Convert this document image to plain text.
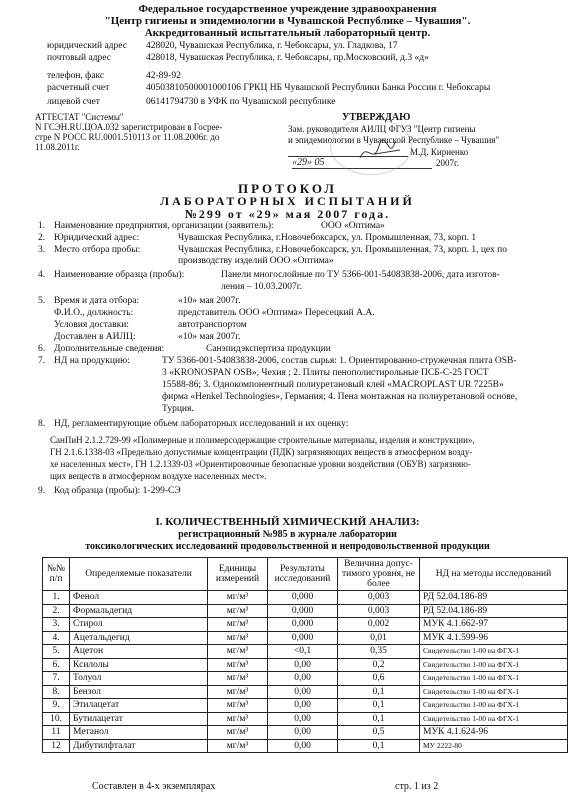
Федеральное государственное учреждение здравоохранения
"Центр гигиены и эпидемиологии в Чувашской Республике – Чувашия".
Аккредитованный испытательный лабораторный центр.
юридический адрес 428020, Чувашская Республика, г. Чебоксары, ул. Гладкова, 17
почтовый адрес	428018, Чувашская Республика, г. Чебоксары, пр.Московский, д.3 «д»
телефон, факс	42-89-92
расчетный счет	40503810500001000106 ГРКЦ НБ Чувашской Республики Банка России г. Чебоксары
лицевой счет	06141794730 в УФК по Чувашской республике
АТТЕСТАТ "Системы"
N ГСЭН.RU.ЦОА.032 зарегистрирован в Госрее-
стре N РОСС RU.0001.510113 от 11.08.2006г. до
11.08.2011г.
УТВЕРЖДАЮ
Зам. руководителя АИЛЦ ФГУЗ "Центр гигиены
и эпидемиологии в Чувашской Республике – Чувашия"
М.Д. Кириенко
«29» 05	2007г.
ПРОТОКОЛ
ЛАБОРАТОРНЫХ ИСПЫТАНИЙ
№299 от «29» мая 2007 года.
1. Наименование предприятия, организации (заявитель):	ООО «Оптима»
2. Юридический адрес:	Чувашская Республика, г.Новочебоксарск, ул. Промышленная, 73, корп. 1
3. Место отбора пробы:	Чувашская Республика, г.Новочебоксарск, ул. Промышленная, 73, корп. 1, цех по
производству изделий ООО «Оптима»
4. Наименование образца (пробы):	Панели многослойные по ТУ 5366-001-54083838-2006, дата изготов-
ления – 10.03.2007г.
5. Время и дата отбора:	«10» мая 2007г.
Ф.И.О., должность:	представитель ООО «Оптима» Пересецкий А.А.
Условия доставки:	автотранспортом
Доставлен в АИЛЦ:	«10» мая 2007г.
6. Дополнительные сведения:	Санэпидэкспертиза продукции
7. НД на продукцию:	ТУ 5366-001-54083838-2006, состав сырья: 1. Ориентированно-стружечная плита OSB-
3 «KRONOSPAN OSB», Чехия ; 2. Плиты пенополистирольные ПСБ-С-25 ГОСТ
15588-86; 3. Однокомпонентный полиуретановый клей «MACROPLAST UR 7225B»
фирма «Henkel Technologies», Германия; 4. Пена монтажная на полиуретановой основе,
Турция.
8. НД, регламентирующие объем лабораторных исследований и их оценку:
СанПиН 2.1.2.729-99 «Полимерные и полимерсодержащие строительные материалы, изделия и конструкции»,
ГН 2.1.6.1338-03 «Предельно допустимые концентрации (ПДК) загрязняющих веществ в атмосферном возду-
хе населенных мест», ГН 1.2.1339-03 «Ориентировочные безопасные уровни воздействия (ОБУВ) загрязняю-
щих веществ в атмосферном воздухе населенных мест».
9. Код образца (пробы): 1-299-СЭ
I. КОЛИЧЕСТВЕННЫЙ ХИМИЧЕСКИЙ АНАЛИЗ:
регистрационный №985 в журнале лаборатории
токсикологических исследований продовольственной и непродовольственной продукции
№№ п/п	Определяемые показатели	Единицы измерений	Результаты исследований	Величина допус-тимого уровня, не более	НД на методы исследований
1.	Фенол	мг/м³	0,000	0,003	РД 52.04.186-89
2.	Формальдегид	мг/м³	0,000	0,003	РД 52.04.186-89
3.	Стирол	мг/м³	0,000	0,002	МУК 4.1.662-97
4.	Ацетальдегид	мг/м³	0,000	0,01	МУК 4.1.599-96
5.	Ацетон	мг/м³	<0,1	0,35	Свидетельство 1-00 на ФГХ-1
6.	Ксилолы	мг/м³	0,00	0,2	Свидетельство 1-00 на ФГХ-1
7.	Толуол	мг/м³	0,00	0,6	Свидетельство 1-00 на ФГХ-1
8.	Бензол	мг/м³	0,00	0,1	Свидетельство 1-00 на ФГХ-1
9.	Этилацетат	мг/м³	0,00	0,1	Свидетельство 1-00 на ФГХ-1
10.	Бутилацетат	мг/м³	0,00	0,1	Свидетельство 1-00 на ФГХ-1
11	Метанол	мг/м³	0,00	0,5	МУК 4.1.624-96
12	Дибутилфталат	мг/м³	0,00	0,1	МУ 2222-80
Составлен в 4-х экземплярах	стр. 1 из 2
